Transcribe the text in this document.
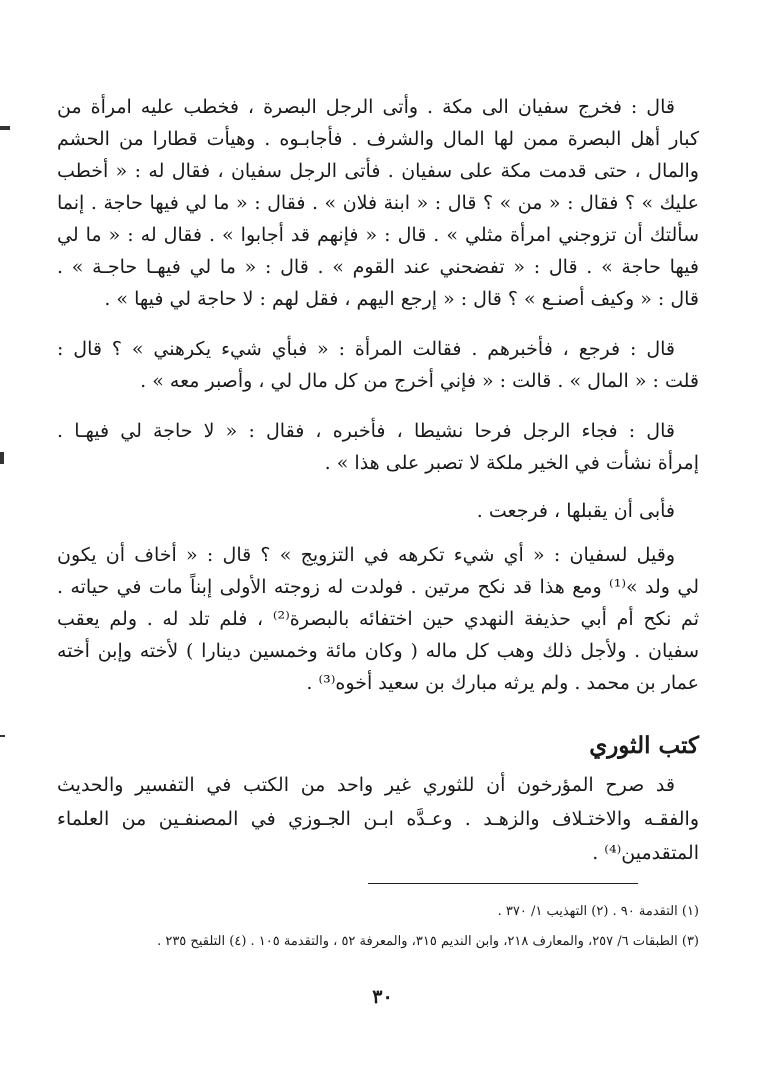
قال : فخرج سفيان الى مكة . وأتى الرجل البصرة ، فخطب عليه امرأة من
كبار أهل البصرة ممن لها المال والشرف . فأجابـوه . وهيأت قطارا من الحشم
والمال ، حتى قدمت مكة على سفيان . فأتى الرجل سفيان ، فقال له : « أخطب
عليك » ؟ فقال : « من » ؟ قال : « ابنة فلان » . فقال : « ما لي فيها حاجة . إنما
سألتك أن تزوجني امرأة مثلي » . قال : « فإنهم قد أجابوا » . فقال له : « ما لي
فيها حاجة » . قال : « تفضحني عند القوم » . قال : « ما لي فيهـا حاجـة » .
قال : « وكيف أصنـع » ؟ قال : « إرجع اليهم ، فقل لهم : لا حاجة لي فيها » .
قال : فرجع ، فأخبرهم . فقالت المرأة : « فبأي شيء يكرهني » ؟ قال :
قلت : « المال » . قالت : « فإني أخرج من كل مال لي ، وأصبر معه » .
قال : فجاء الرجل فرحا نشيطا ، فأخبره ، فقال : « لا حاجة لي فيهـا .
إمرأة نشأت في الخير ملكة لا تصبر على هذا » .
فأبى أن يقبلها ، فرجعت .
وقيل لسفيان : « أي شيء تكرهه في التزويج » ؟ قال : « أخاف أن يكون
لي ولد »⁽¹⁾ ومع هذا قد نكح مرتين . فولدت له زوجته الأولى إبناً مات في حياته .
ثم نكح أم أبي حذيفة النهدي حين اختفائه بالبصرة⁽²⁾ ، فلم تلد له . ولم يعقب
سفيان . ولأجل ذلك وهب كل ماله ( وكان مائة وخمسين دينارا ) لأخته وإبن أخته
عمار بن محمد . ولم يرثه مبارك بن سعيد أخوه⁽³⁾ .
كتب الثوري
قد صرح المؤرخون أن للثوري غير واحد من الكتب في التفسير والحديث
والفقـه والاختـلاف والزهـد . وعـدَّه ابـن الجـوزي في المصنفـين من العلماء
المتقدمين⁽⁴⁾ .
(١) التقدمة ٩٠ . (٢) التهذيب ١/ ٣٧٠ .
(٣) الطبقات ٦/ ٢٥٧، والمعارف ٢١٨، وابن النديم ٣١٥، والمعرفة ٥٢ ، والتقدمة ١٠٥ . (٤) التلقيح ٢٣٥ .
٣٠
